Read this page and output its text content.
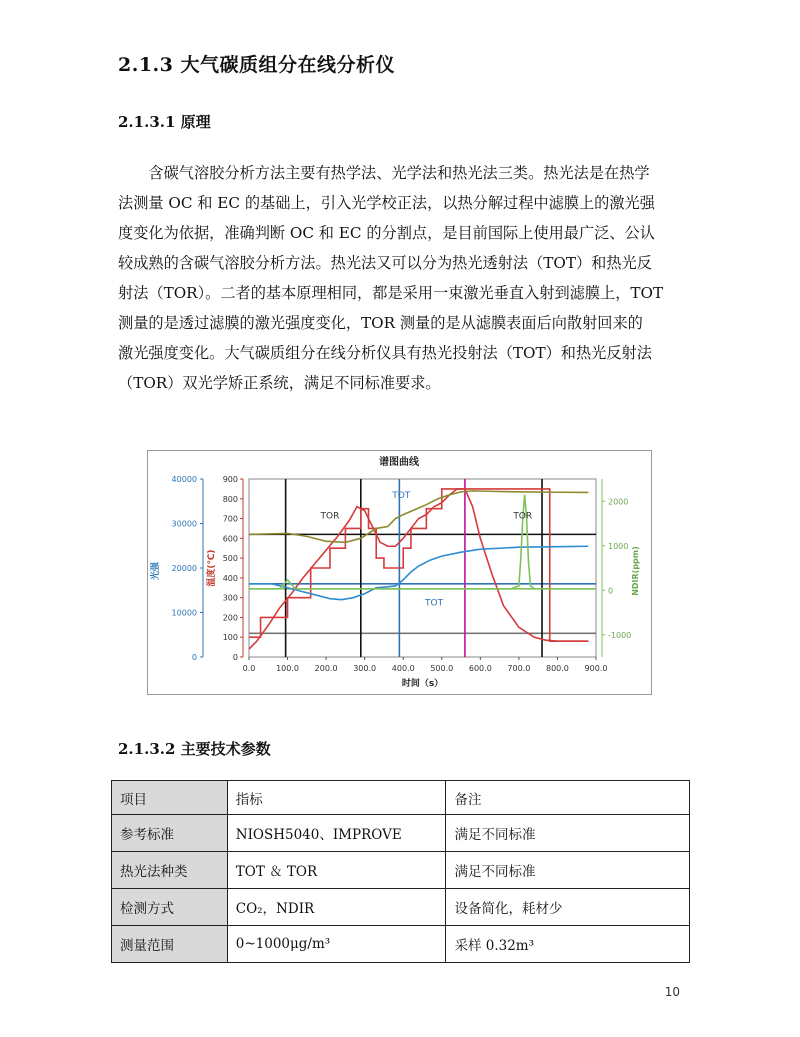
2.1.3 大气碳质组分在线分析仪
2.1.3.1 原理
　　含碳气溶胶分析方法主要有热学法、光学法和热光法三类。热光法是在热学
法测量 OC 和 EC 的基础上，引入光学校正法，以热分解过程中滤膜上的激光强
度变化为依据，准确判断 OC 和 EC 的分割点，是目前国际上使用最广泛、公认
较成熟的含碳气溶胶分析方法。热光法又可以分为热光透射法（TOT）和热光反
射法（TOR）。二者的基本原理相同，都是采用一束激光垂直入射到滤膜上，TOT
测量的是透过滤膜的激光强度变化，TOR 测量的是从滤膜表面后向散射回来的
激光强度变化。大气碳质组分在线分析仪具有热光投射法（TOT）和热光反射法
（TOR）双光学矫正系统，满足不同标准要求。
谱图曲线
TOR
TOT
TOR
TOT
0.0	100.0 200.0 300.0 400.0 500.0 600.0 700.0 800.0 900.0
时间（s）
0
100
200
300
400
500
600
700
800
900
温度(℃)
0
10000
20000
30000
40000
光强
-1000
0
1000
2000
NDIR(ppm)
2.1.3.2 主要技术参数
项目	指标	备注
参考标准	NIOSH5040、IMPROVE	满足不同标准
热光法种类	TOT ＆ TOR	满足不同标准
检测方式	CO₂，NDIR	设备简化，耗材少
测量范围	0~1000μg/m³	采样 0.32m³
10
